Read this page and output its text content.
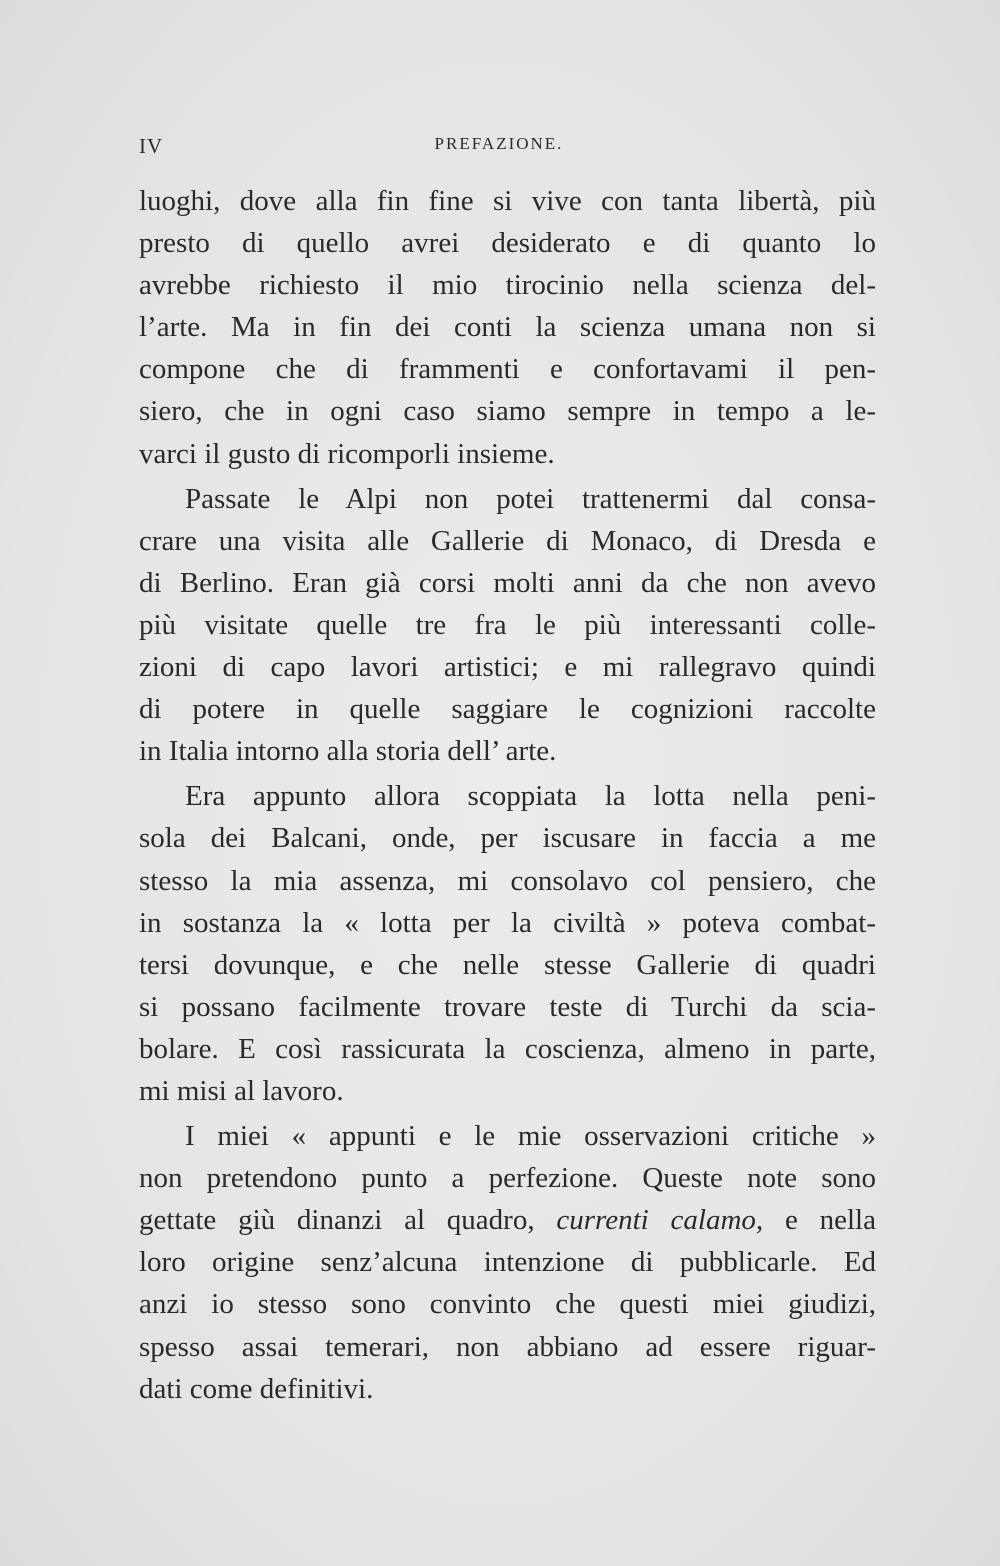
IV	PREFAZIONE.
luoghi, dove alla fin fine si vive con tanta libertà, più
presto di quello avrei desiderato e di quanto lo
avrebbe richiesto il mio tirocinio nella scienza del-
l’arte. Ma in fin dei conti la scienza umana non si
compone che di frammenti e confortavami il pen-
siero, che in ogni caso siamo sempre in tempo a le-
varci il gusto di ricomporli insieme.
Passate le Alpi non potei trattenermi dal consa-
crare una visita alle Gallerie di Monaco, di Dresda e
di Berlino. Eran già corsi molti anni da che non avevo
più visitate quelle tre fra le più interessanti colle-
zioni di capo lavori artistici; e mi rallegravo quindi
di potere in quelle saggiare le cognizioni raccolte
in Italia intorno alla storia dell’ arte.
Era appunto allora scoppiata la lotta nella peni-
sola dei Balcani, onde, per iscusare in faccia a me
stesso la mia assenza, mi consolavo col pensiero, che
in sostanza la « lotta per la civiltà » poteva combat-
tersi dovunque, e che nelle stesse Gallerie di quadri
si possano facilmente trovare teste di Turchi da scia-
bolare. E così rassicurata la coscienza, almeno in parte,
mi misi al lavoro.
I miei « appunti e le mie osservazioni critiche »
non pretendono punto a perfezione. Queste note sono
gettate giù dinanzi al quadro, currenti calamo, e nella
loro origine senz’alcuna intenzione di pubblicarle. Ed
anzi io stesso sono convinto che questi miei giudizi,
spesso assai temerari, non abbiano ad essere riguar-
dati come definitivi.
